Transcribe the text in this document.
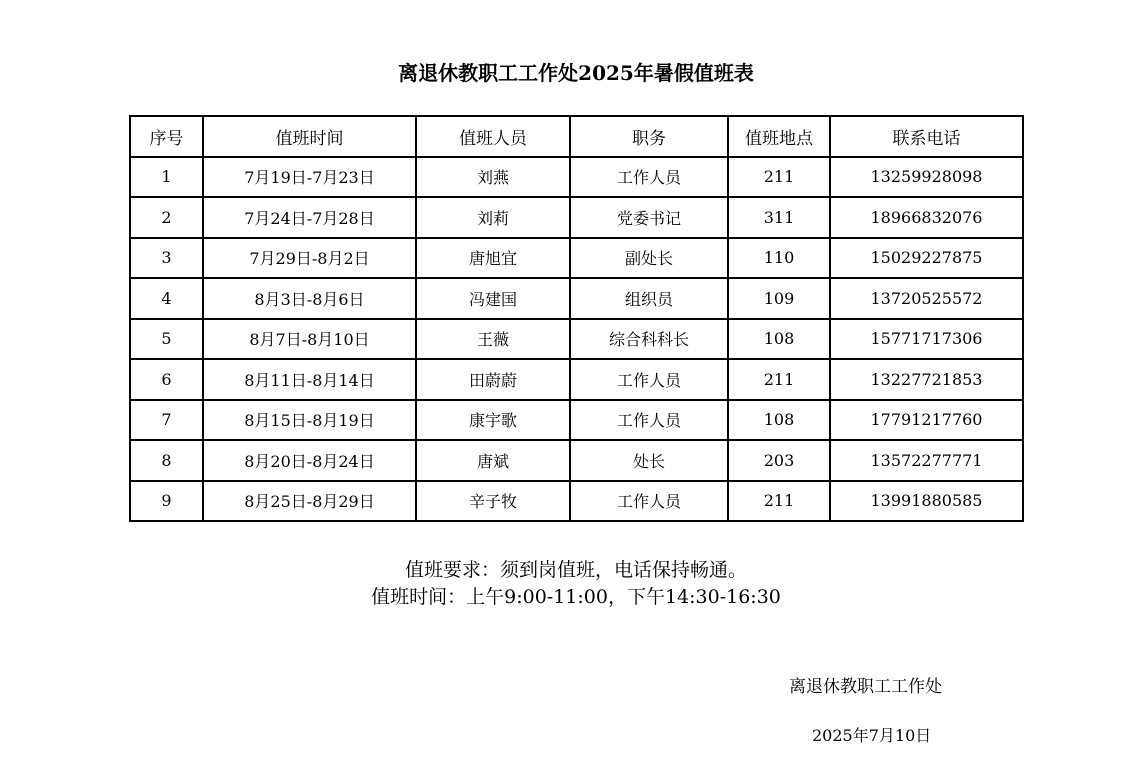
离退休教职工工作处2025年暑假值班表
序号	值班时间	值班人员	职务	值班地点	联系电话
1	7月19日-7月23日	刘燕	工作人员	211	13259928098
2	7月24日-7月28日	刘莉	党委书记	311	18966832076
3	7月29日-8月2日	唐旭宜	副处长	110	15029227875
4	8月3日-8月6日	冯建国	组织员	109	13720525572
5	8月7日-8月10日	王薇	综合科科长	108	15771717306
6	8月11日-8月14日	田蔚蔚	工作人员	211	13227721853
7	8月15日-8月19日	康宇歌	工作人员	108	17791217760
8	8月20日-8月24日	唐斌	处长	203	13572277771
9	8月25日-8月29日	辛子牧	工作人员	211	13991880585
值班要求：须到岗值班，电话保持畅通。
值班时间：上午9:00-11:00，下午14:30-16:30
离退休教职工工作处
2025年7月10日
